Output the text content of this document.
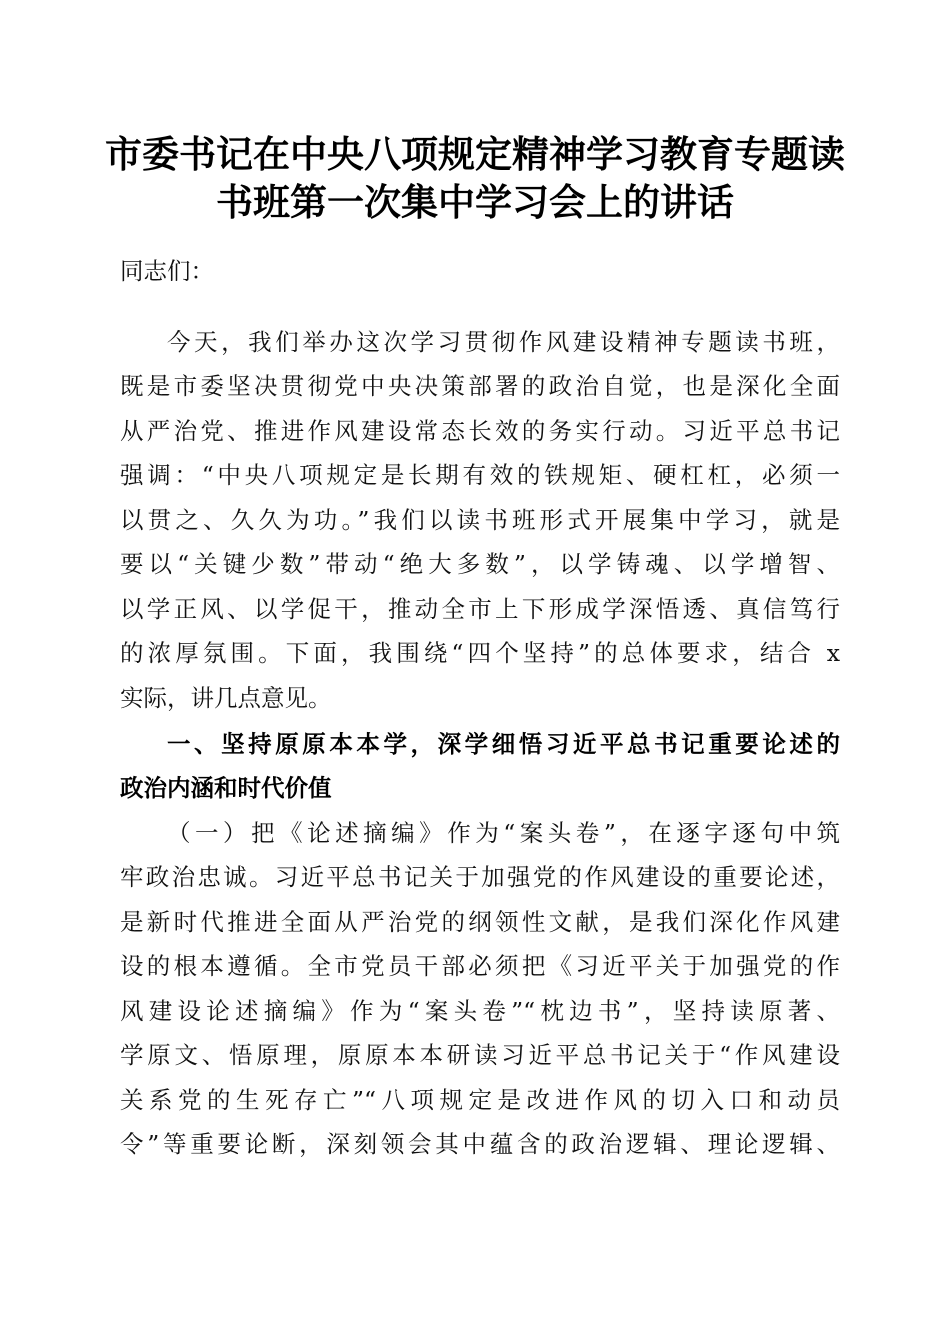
市委书记在中央八项规定精神学习教育专题读
书班第一次集中学习会上的讲话
同志们：
今天，我们举办这次学习贯彻作风建设精神专题读书班，
既是市委坚决贯彻党中央决策部署的政治自觉，也是深化全面
从严治党、推进作风建设常态长效的务实行动。习近平总书记
强调：“中央八项规定是长期有效的铁规矩、硬杠杠，必须一
以贯之、久久为功。”我们以读书班形式开展集中学习，就是
要以“关键少数”带动“绝大多数”，以学铸魂、以学增智、
以学正风、以学促干，推动全市上下形成学深悟透、真信笃行
的浓厚氛围。下面，我围绕“四个坚持”的总体要求，结合 x
实际，讲几点意见。
一、坚持原原本本学，深学细悟习近平总书记重要论述的
政治内涵和时代价值
（一）把《论述摘编》作为“案头卷”，在逐字逐句中筑
牢政治忠诚。习近平总书记关于加强党的作风建设的重要论述，
是新时代推进全面从严治党的纲领性文献，是我们深化作风建
设的根本遵循。全市党员干部必须把《习近平关于加强党的作
风建设论述摘编》作为“案头卷”“枕边书”，坚持读原著、
学原文、悟原理，原原本本研读习近平总书记关于“作风建设
关系党的生死存亡”“八项规定是改进作风的切入口和动员
令”等重要论断，深刻领会其中蕴含的政治逻辑、理论逻辑、
